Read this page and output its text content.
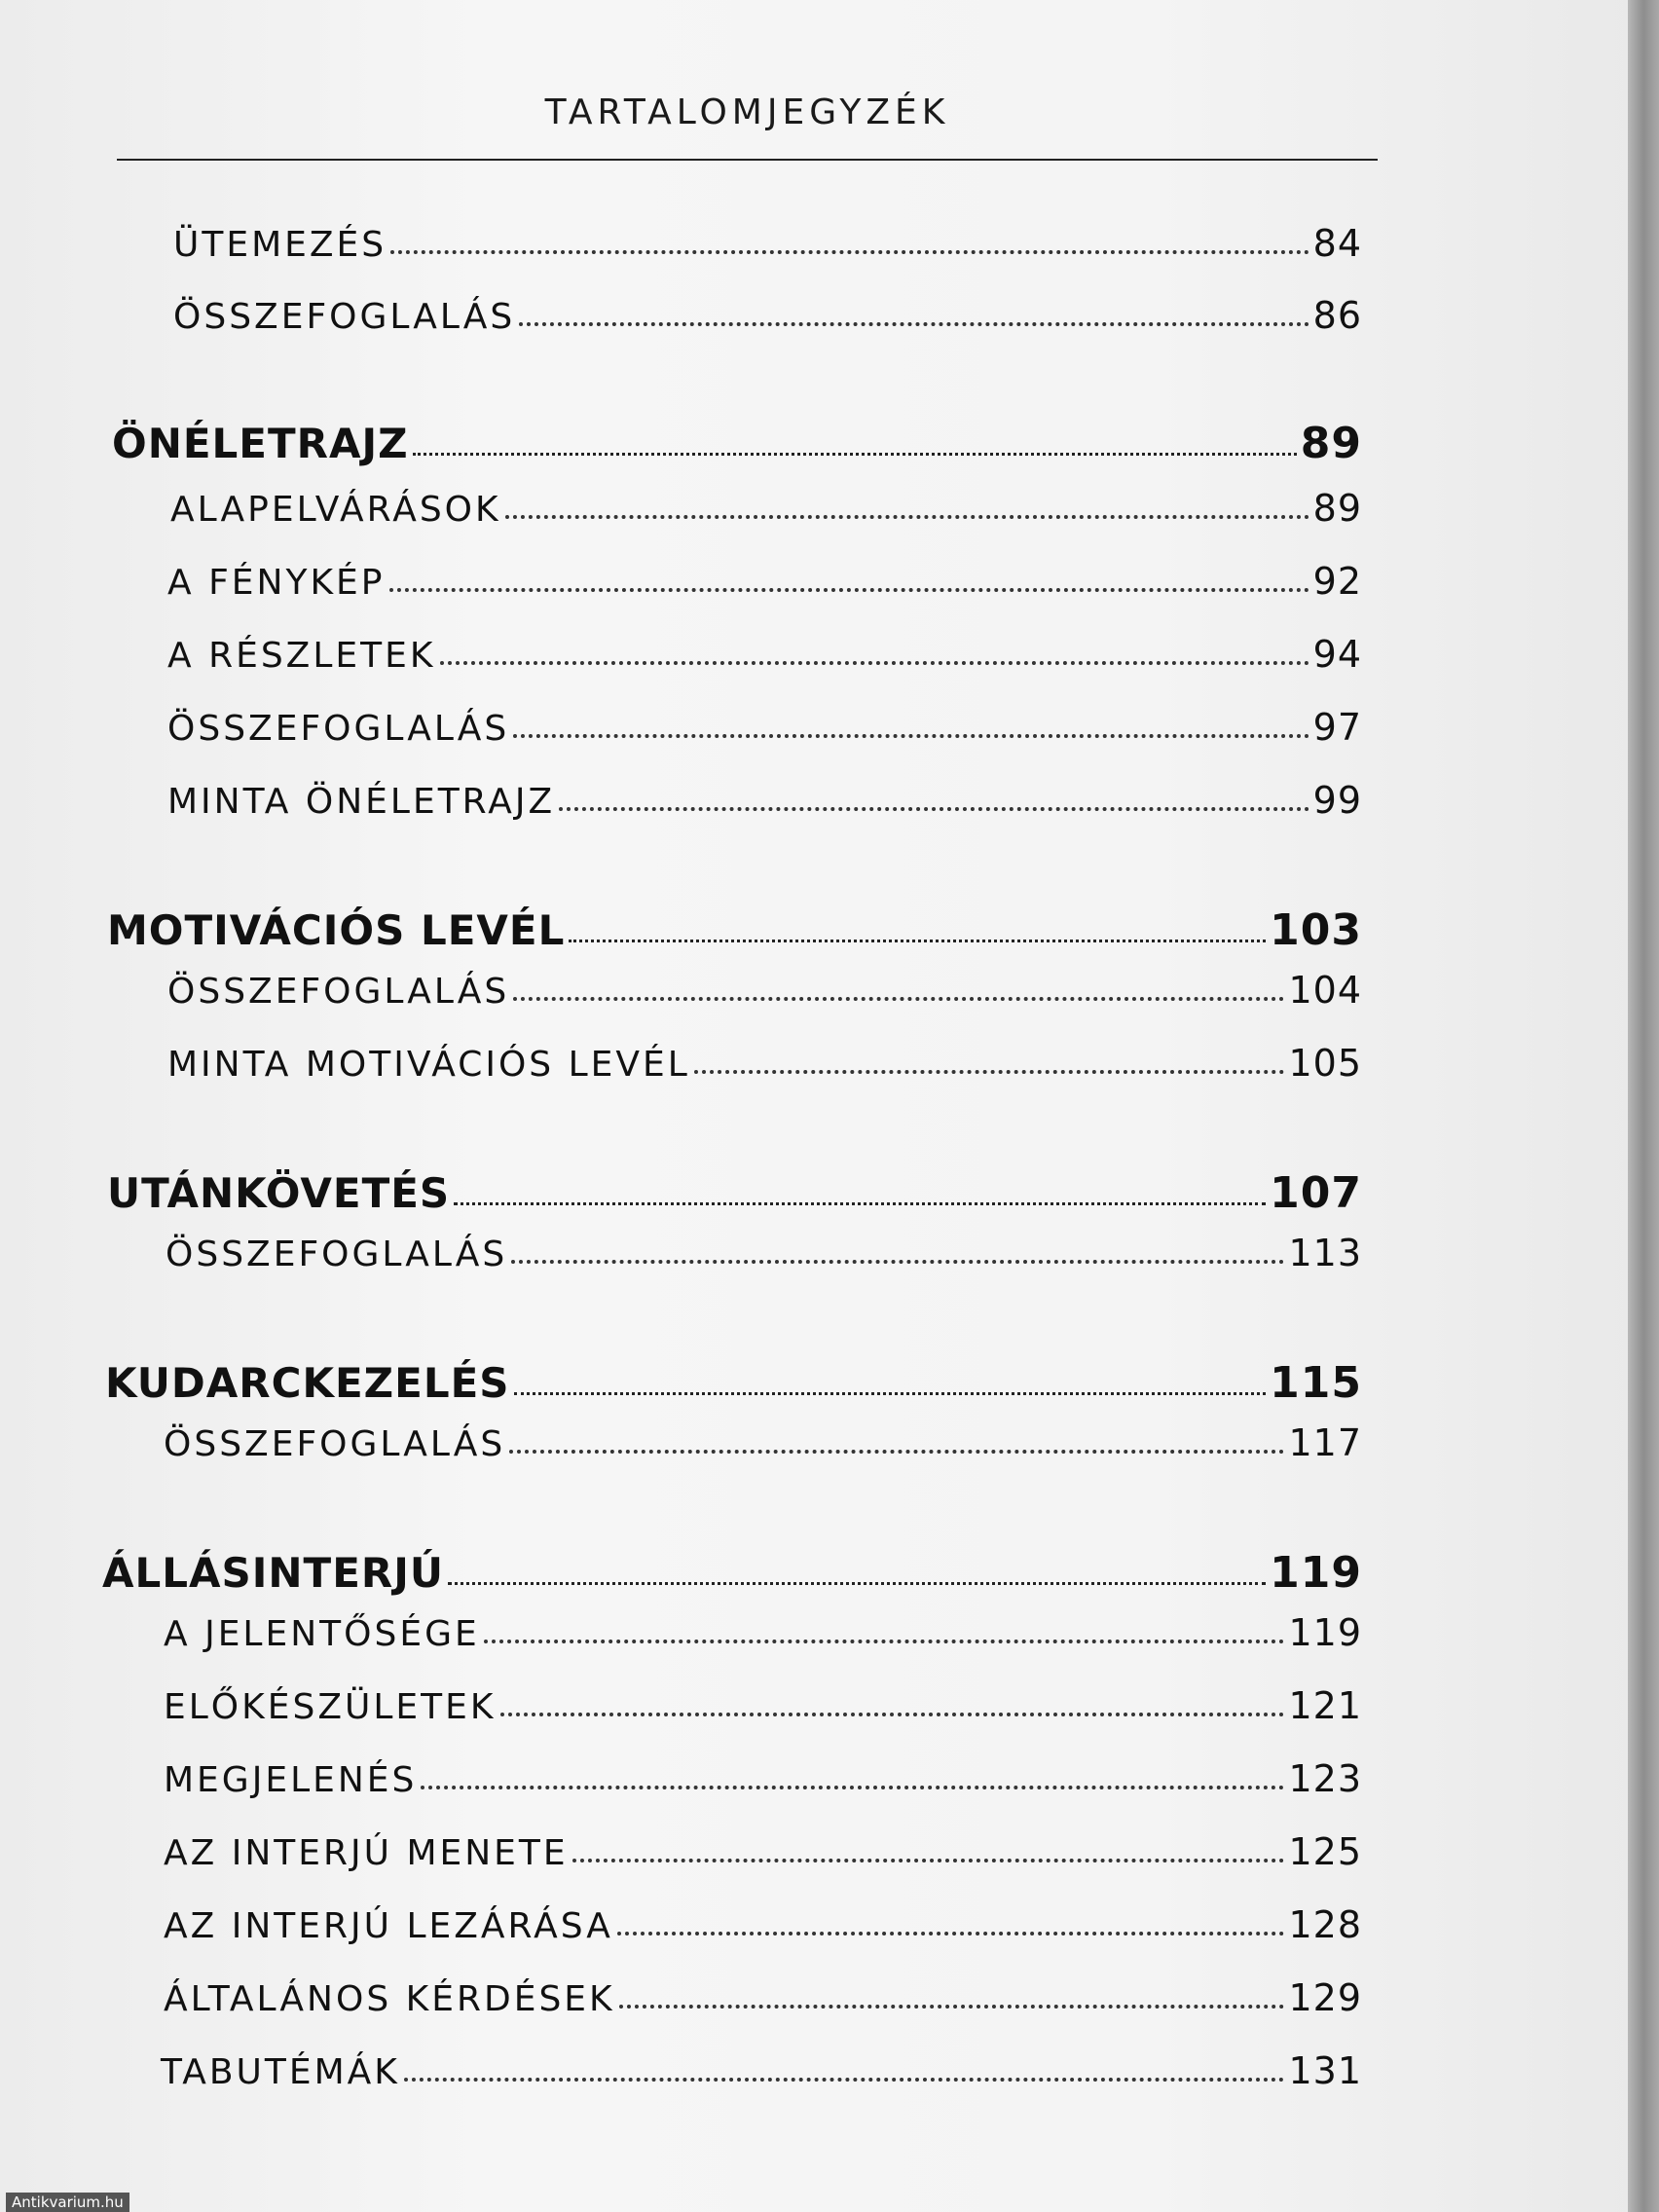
TARTALOMJEGYZÉK
ÜTEMEZÉS	84
ÖSSZEFOGLALÁS	86
ÖNÉLETRAJZ	89
ALAPELVÁRÁSOK	89
A FÉNYKÉP	92
A RÉSZLETEK	94
ÖSSZEFOGLALÁS	97
MINTA ÖNÉLETRAJZ	99
MOTIVÁCIÓS LEVÉL	103
ÖSSZEFOGLALÁS	104
MINTA MOTIVÁCIÓS LEVÉL	105
UTÁNKÖVETÉS	107
ÖSSZEFOGLALÁS	113
KUDARCKEZELÉS	115
ÖSSZEFOGLALÁS	117
ÁLLÁSINTERJÚ	119
A JELENTŐSÉGE	119
ELŐKÉSZÜLETEK	121
MEGJELENÉS	123
AZ INTERJÚ MENETE	125
AZ INTERJÚ LEZÁRÁSA	128
ÁLTALÁNOS KÉRDÉSEK	129
TABUTÉMÁK	131
Antikvarium.hu
